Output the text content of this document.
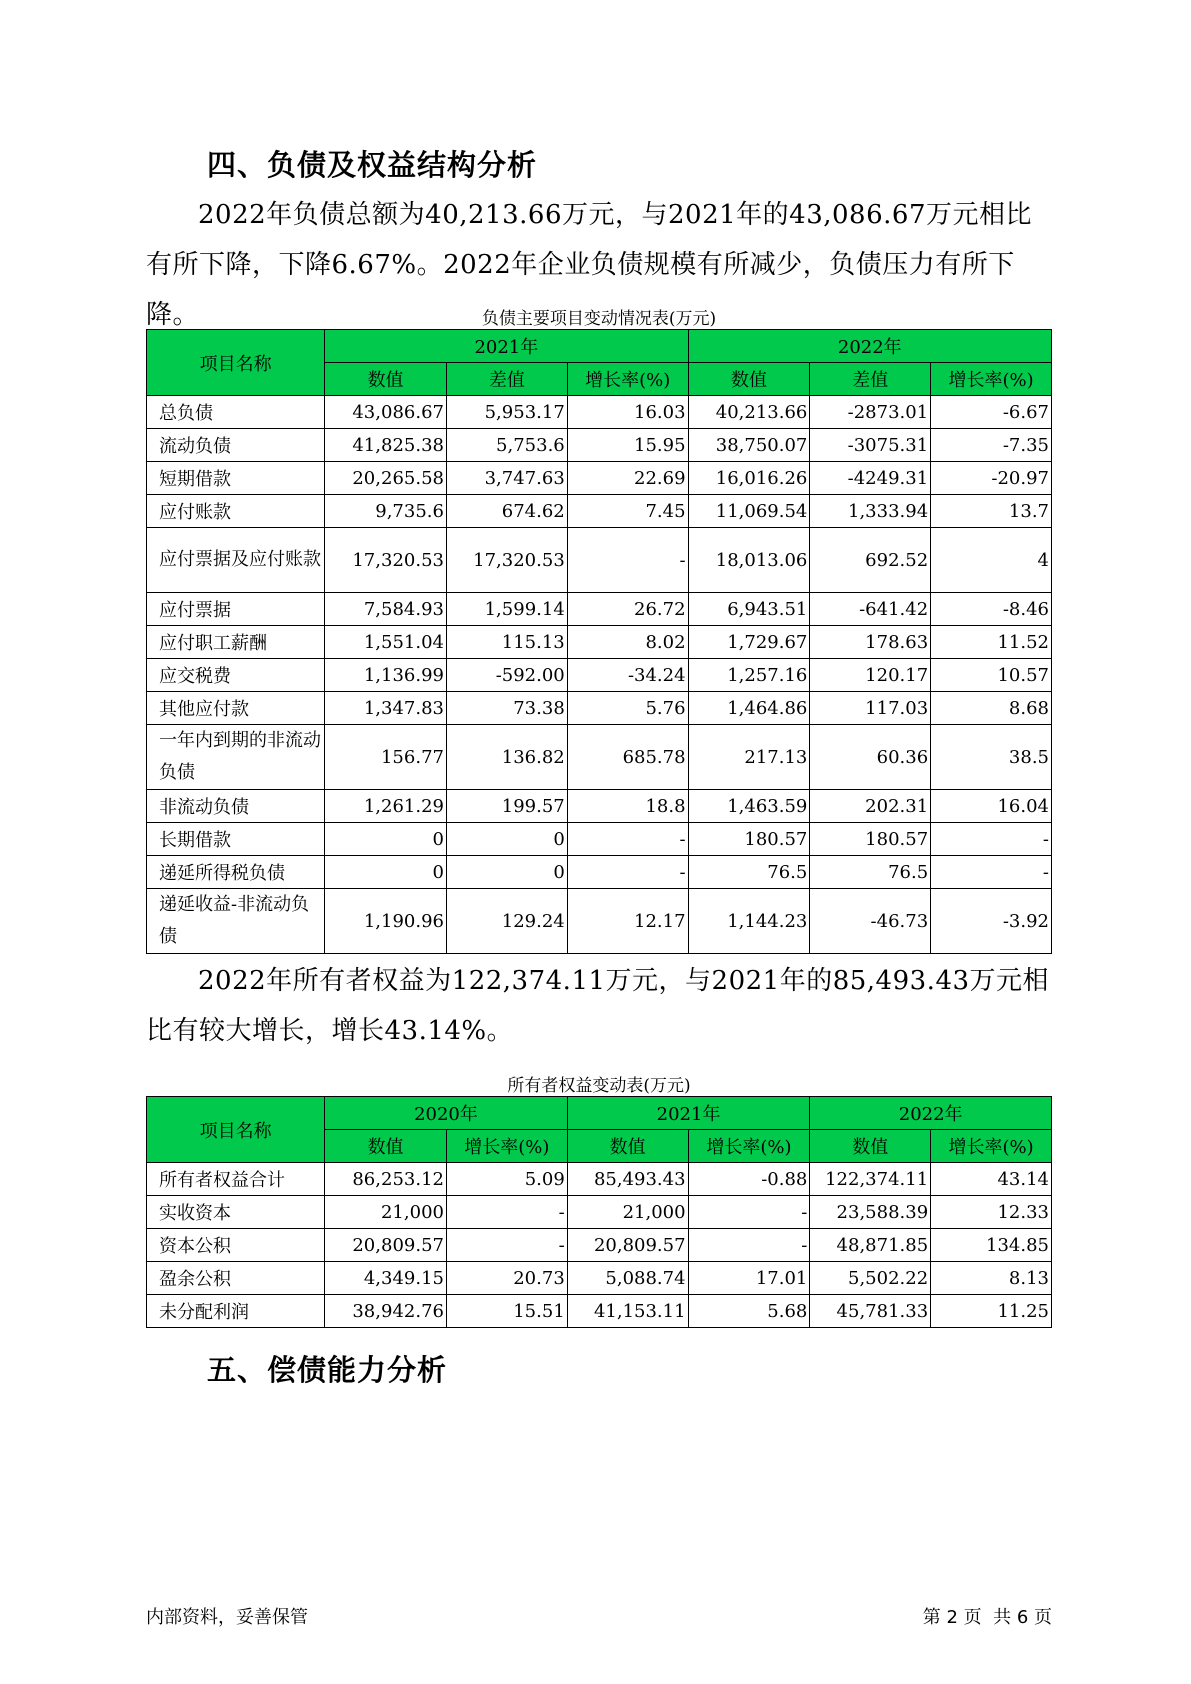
四、负债及权益结构分析
2022年负债总额为40,213.66万元，与2021年的43,086.67万元相比有所下降，下降6.67%。2022年企业负债规模有所减少，负债压力有所下降。	负债主要项目变动情况表(万元)
项目名称	2021年			2022年		
	数值	差值	增长率(%)	数值	差值	增长率(%)
总负债	43,086.67	5,953.17	16.03	40,213.66	-2873.01	-6.67
流动负债	41,825.38	5,753.6	15.95	38,750.07	-3075.31	-7.35
短期借款	20,265.58	3,747.63	22.69	16,016.26	-4249.31	-20.97
应付账款	9,735.6	674.62	7.45	11,069.54	1,333.94	13.7
应付票据及应付账款	17,320.53	17,320.53	-	18,013.06	692.52	4
应付票据	7,584.93	1,599.14	26.72	6,943.51	-641.42	-8.46
应付职工薪酬	1,551.04	115.13	8.02	1,729.67	178.63	11.52
应交税费	1,136.99	-592.00	-34.24	1,257.16	120.17	10.57
其他应付款	1,347.83	73.38	5.76	1,464.86	117.03	8.68
一年内到期的非流动负债	156.77	136.82	685.78	217.13	60.36	38.5
非流动负债	1,261.29	199.57	18.8	1,463.59	202.31	16.04
长期借款	0	0	-	180.57	180.57	-
递延所得税负债	0	0	-	76.5	76.5	-
递延收益-非流动负债	1,190.96	129.24	12.17	1,144.23	-46.73	-3.92
2022年所有者权益为122,374.11万元，与2021年的85,493.43万元相比有较大增长，增长43.14%。
所有者权益变动表(万元)
项目名称	2020年		2021年		2022年	
	数值	增长率(%)	数值	增长率(%)	数值	增长率(%)
所有者权益合计	86,253.12	5.09	85,493.43	-0.88	122,374.11	43.14
实收资本	21,000	-	21,000	-	23,588.39	12.33
资本公积	20,809.57	-	20,809.57	-	48,871.85	134.85
盈余公积	4,349.15	20.73	5,088.74	17.01	5,502.22	8.13
未分配利润	38,942.76	15.51	41,153.11	5.68	45,781.33	11.25
五、偿债能力分析
内部资料，妥善保管	第 2 页  共 6 页
